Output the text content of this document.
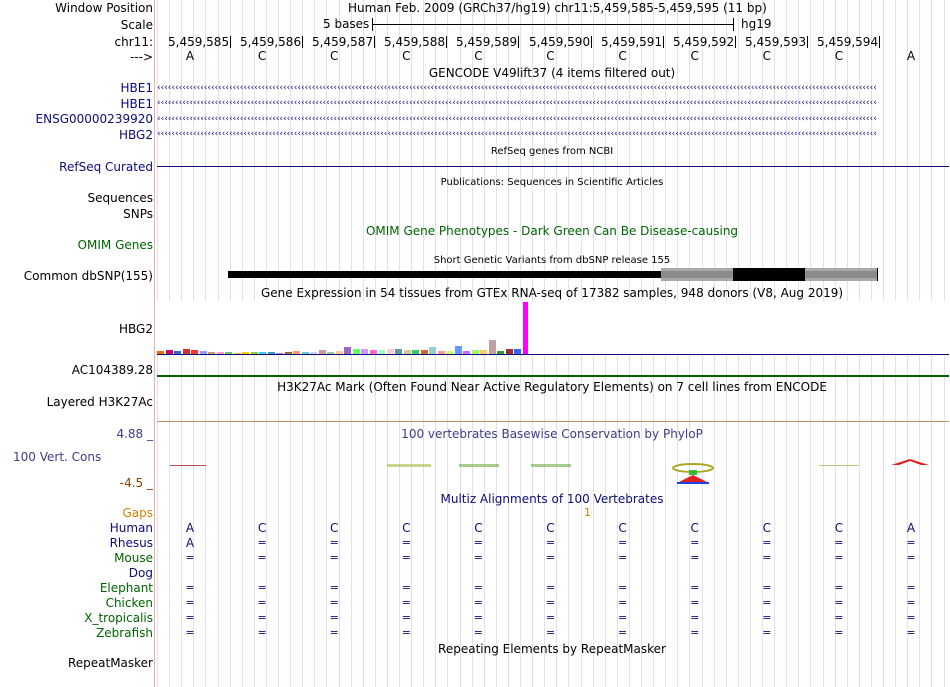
Window Position	Human Feb. 2009 (GRCh37/hg19) chr11:5,459,585-5,459,595 (11 bp)
Scale	5 bases	hg19
chr11: 5,459,585 5,459,586 5,459,587 5,459,588 5,459,589 5,459,590 5,459,591 5,459,592 5,459,593 5,459,594
--->	A	C	C	C	C	C	C	C	C	C	A
GENCODE V49lift37 (4 items filtered out)
HBE1
HBE1
ENSG00000239920
HBG2
‹‹‹‹‹‹‹‹‹‹‹‹‹‹‹‹‹‹‹‹‹‹‹‹‹‹‹‹‹‹‹‹‹‹‹‹‹‹‹‹‹‹‹‹‹‹‹‹‹‹‹‹‹‹‹‹‹‹‹‹‹‹‹‹‹‹‹‹‹‹‹‹‹‹‹‹‹‹‹‹‹‹‹‹‹‹‹‹‹‹‹‹‹‹‹‹‹‹‹‹‹‹‹‹‹‹‹‹‹‹‹‹‹‹‹‹‹‹‹‹‹‹‹‹‹‹‹‹‹‹‹‹‹‹‹‹‹‹‹‹‹‹‹‹‹‹‹‹‹‹‹‹‹‹‹‹‹‹‹‹‹‹‹‹‹‹‹‹‹‹‹‹‹‹‹‹‹‹‹‹‹‹‹‹‹‹‹‹‹‹‹‹‹‹‹‹‹‹‹‹
‹‹‹‹‹‹‹‹‹‹‹‹‹‹‹‹‹‹‹‹‹‹‹‹‹‹‹‹‹‹‹‹‹‹‹‹‹‹‹‹‹‹‹‹‹‹‹‹‹‹‹‹‹‹‹‹‹‹‹‹‹‹‹‹‹‹‹‹‹‹‹‹‹‹‹‹‹‹‹‹‹‹‹‹‹‹‹‹‹‹‹‹‹‹‹‹‹‹‹‹‹‹‹‹‹‹‹‹‹‹‹‹‹‹‹‹‹‹‹‹‹‹‹‹‹‹‹‹‹‹‹‹‹‹‹‹‹‹‹‹‹‹‹‹‹‹‹‹‹‹‹‹‹‹‹‹‹‹‹‹‹‹‹‹‹‹‹‹‹‹‹‹‹‹‹‹‹‹‹‹‹‹‹‹‹‹‹‹‹‹‹‹‹‹‹‹‹‹‹‹
‹‹‹‹‹‹‹‹‹‹‹‹‹‹‹‹‹‹‹‹‹‹‹‹‹‹‹‹‹‹‹‹‹‹‹‹‹‹‹‹‹‹‹‹‹‹‹‹‹‹‹‹‹‹‹‹‹‹‹‹‹‹‹‹‹‹‹‹‹‹‹‹‹‹‹‹‹‹‹‹‹‹‹‹‹‹‹‹‹‹‹‹‹‹‹‹‹‹‹‹‹‹‹‹‹‹‹‹‹‹‹‹‹‹‹‹‹‹‹‹‹‹‹‹‹‹‹‹‹‹‹‹‹‹‹‹‹‹‹‹‹‹‹‹‹‹‹‹‹‹‹‹‹‹‹‹‹‹‹‹‹‹‹‹‹‹‹‹‹‹‹‹‹‹‹‹‹‹‹‹‹‹‹‹‹‹‹‹‹‹‹‹‹‹‹‹‹‹‹‹
‹‹‹‹‹‹‹‹‹‹‹‹‹‹‹‹‹‹‹‹‹‹‹‹‹‹‹‹‹‹‹‹‹‹‹‹‹‹‹‹‹‹‹‹‹‹‹‹‹‹‹‹‹‹‹‹‹‹‹‹‹‹‹‹‹‹‹‹‹‹‹‹‹‹‹‹‹‹‹‹‹‹‹‹‹‹‹‹‹‹‹‹‹‹‹‹‹‹‹‹‹‹‹‹‹‹‹‹‹‹‹‹‹‹‹‹‹‹‹‹‹‹‹‹‹‹‹‹‹‹‹‹‹‹‹‹‹‹‹‹‹‹‹‹‹‹‹‹‹‹‹‹‹‹‹‹‹‹‹‹‹‹‹‹‹‹‹‹‹‹‹‹‹‹‹‹‹‹‹‹‹‹‹‹‹‹‹‹‹‹‹‹‹‹‹‹‹‹‹‹
RefSeq genes from NCBI
RefSeq Curated
Publications: Sequences in Scientific Articles
Sequences
SNPs
OMIM Gene Phenotypes - Dark Green Can Be Disease-causing
OMIM Genes
Short Genetic Variants from dbSNP release 155
Common dbSNP(155)
Gene Expression in 54 tissues from GTEx RNA-seq of 17382 samples, 948 donors (V8, Aug 2019)
HBG2
AC104389.28
H3K27Ac Mark (Often Found Near Active Regulatory Elements) on 7 cell lines from ENCODE
Layered H3K27Ac
4.88 _	100 vertebrates Basewise Conservation by PhyloP
100 Vert. Cons
-4.5 _
Multiz Alignments of 100 Vertebrates
Gaps	1
Human	A	C	C	C	C	C	C	C	C	C	A
Rhesus	A	=	=	=	=	=	=	=	=	=	=
Mouse	=	=	=	=	=	=	=	=	=	=	=
Dog
Elephant	=	=	=	=	=	=	=	=	=	=	=
Chicken	=	=	=	=	=	=	=	=	=	=	=
X_tropicalis	=	=	=	=	=	=	=	=	=	=	=
Zebrafish	=	=	=	=	=	=	=	=	=	=	=
Repeating Elements by RepeatMasker
RepeatMasker
